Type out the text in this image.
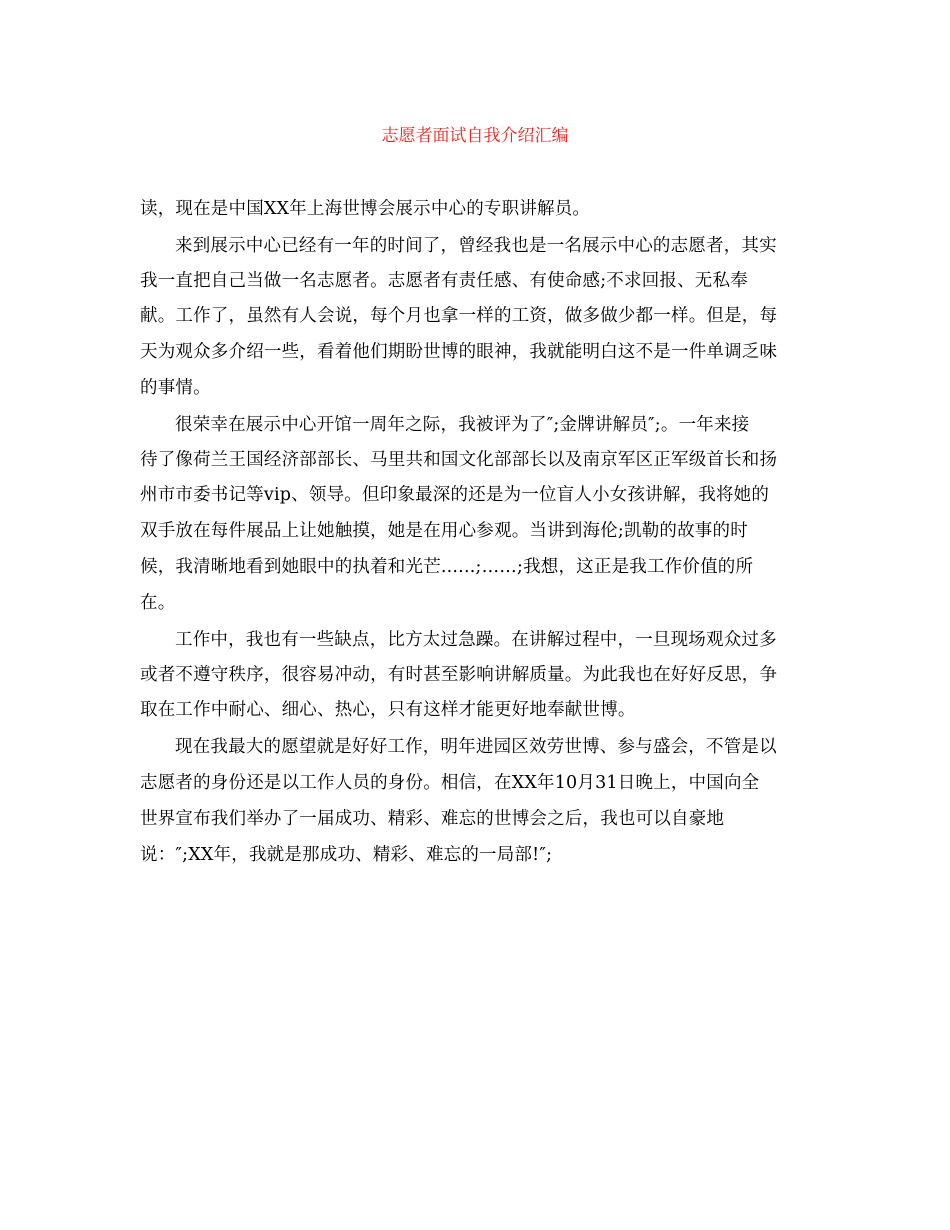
志愿者面试自我介绍汇编
读，现在是中国XX年上海世博会展示中心的专职讲解员。
来到展示中心已经有一年的时间了，曾经我也是一名展示中心的志愿者，其实
我一直把自己当做一名志愿者。志愿者有责任感、有使命感;不求回报、无私奉
献。工作了，虽然有人会说，每个月也拿一样的工资，做多做少都一样。但是，每
天为观众多介绍一些，看着他们期盼世博的眼神，我就能明白这不是一件单调乏味
的事情。
很荣幸在展示中心开馆一周年之际，我被评为了″;金牌讲解员″;。一年来接
待了像荷兰王国经济部部长、马里共和国文化部部长以及南京军区正军级首长和扬
州市市委书记等vip、领导。但印象最深的还是为一位盲人小女孩讲解，我将她的
双手放在每件展品上让她触摸，她是在用心参观。当讲到海伦;凯勒的故事的时
候，我清晰地看到她眼中的执着和光芒......;……;我想，这正是我工作价值的所
在。
工作中，我也有一些缺点，比方太过急躁。在讲解过程中，一旦现场观众过多
或者不遵守秩序，很容易冲动，有时甚至影响讲解质量。为此我也在好好反思，争
取在工作中耐心、细心、热心，只有这样才能更好地奉献世博。
现在我最大的愿望就是好好工作，明年进园区效劳世博、参与盛会，不管是以
志愿者的身份还是以工作人员的身份。相信，在XX年10月31日晚上，中国向全
世界宣布我们举办了一届成功、精彩、难忘的世博会之后，我也可以自豪地
说：″;XX年，我就是那成功、精彩、难忘的一局部!″;
